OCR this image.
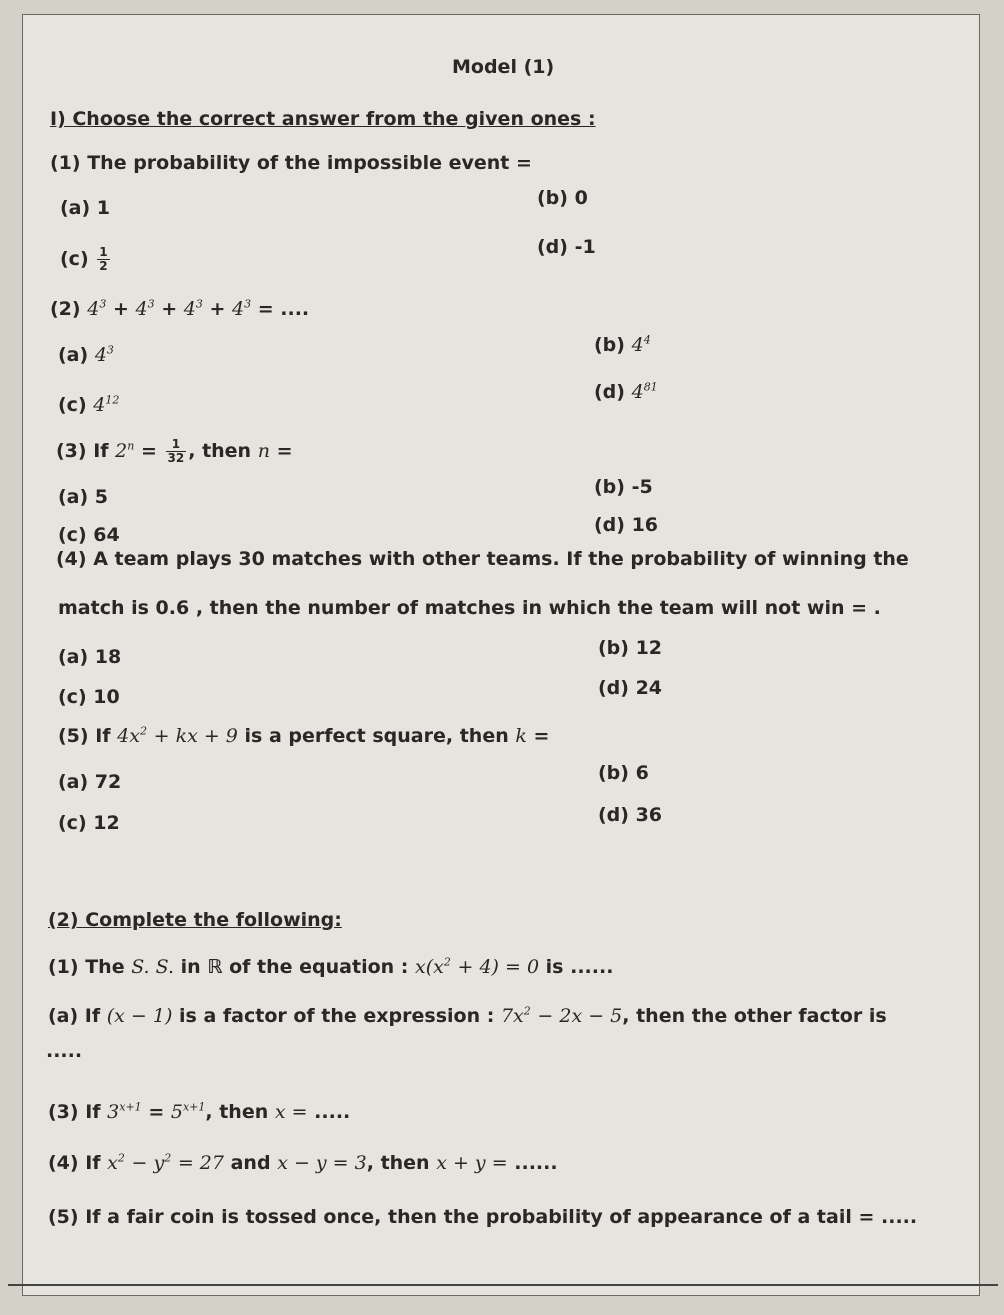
Model (1)
I) Choose the correct answer from the given ones :
(1) The probability of the impossible event =
(a) 1	(b) 0
$(c) \frac{1}{2}$	(d) -1
(2) $4^3 + 4^3 + 4^3 + 4^3$ = ....
(a) $4^3$	(b) $4^4$
(c) $4^{12}$	(d) $4^{81}$
(3) If $2^n = \frac{1}{32}$ , then n =
(a) 5	(b) -5
(c) 64	(d) 16
(4) A team plays 30 matches with other teams. If the probability of winning the
match is 0.6 , then the number of matches in which the team will not win = .
(a) 18	(b) 12
(c) 10	(d) 24
(5) If $4x^2$ + kx + 9 is a perfect square, then k =
(a) 72	(b) 6
(c) 12	(d) 36
(2) Complete the following:
(1) The S. S. in ℝ of the equation : $x(x^2 + 4) = 0$ is ......
(a) If (x − 1) is a factor of the expression : $7x^2 - 2x - 5$, then the other factor is
.....
(3) If $3^{x+1} = 5^{x+1}$, then x = .....
(4) If $x^2 - y^2 = 27$ and x − y = 3, then x + y = ......
(5) If a fair coin is tossed once, then the probability of appearance of a tail = .....
